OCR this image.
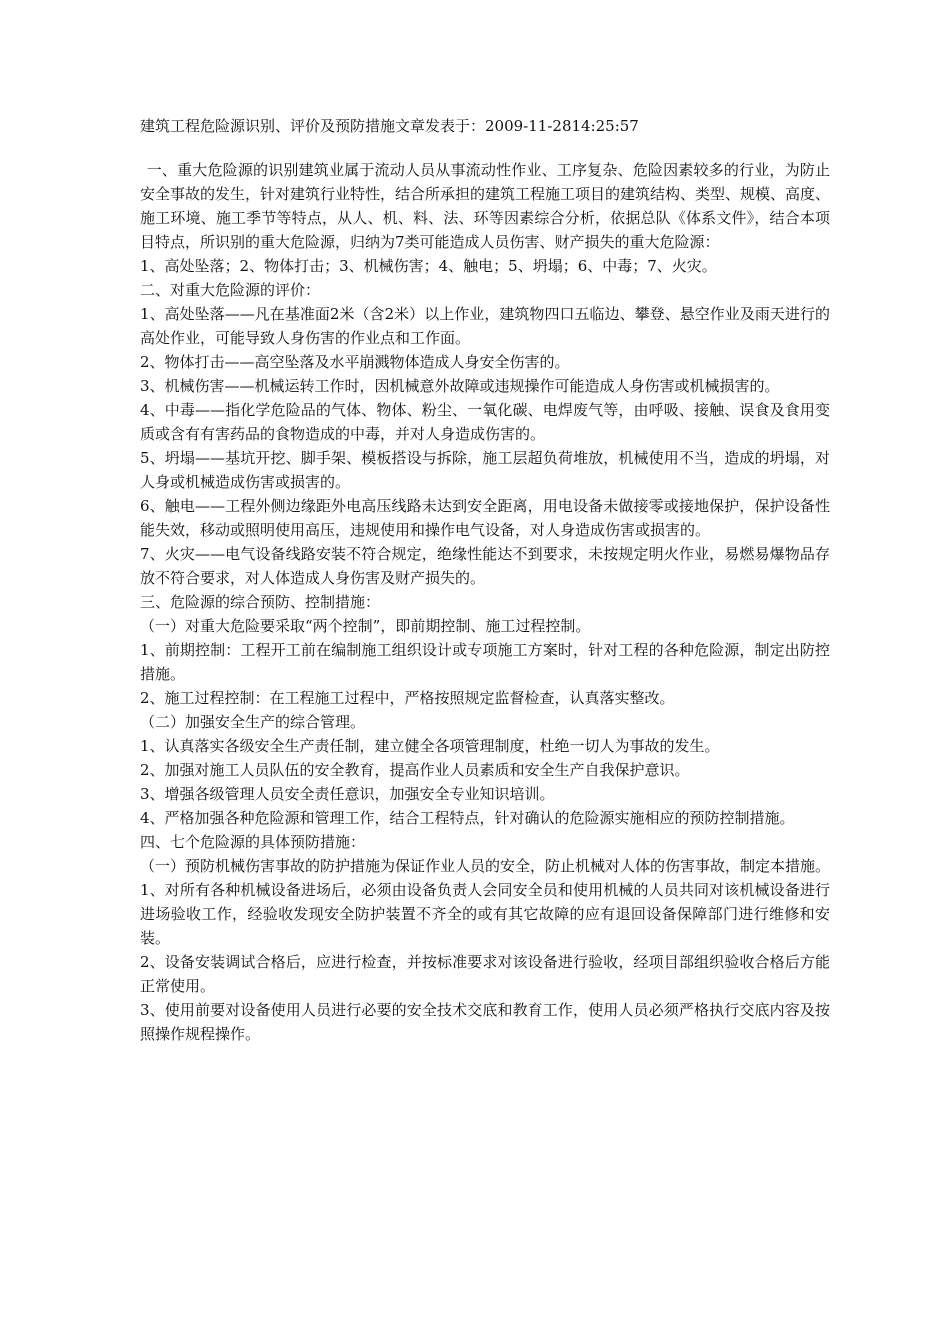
建筑工程危险源识别、评价及预防措施文章发表于：2009-11-2814:25:57

一、重大危险源的识别建筑业属于流动人员从事流动性作业、工序复杂、危险因素较多的行业，为防止安全事故的发生，针对建筑行业特性，结合所承担的建筑工程施工项目的建筑结构、类型、规模、高度、施工环境、施工季节等特点，从人、机、料、法、环等因素综合分析，依据总队《体系文件》，结合本项目特点，所识别的重大危险源，归纳为7类可能造成人员伤害、财产损失的重大危险源：

1、高处坠落；2、物体打击；3、机械伤害；4、触电；5、坍塌；6、中毒；7、火灾。

二、对重大危险源的评价：

1、高处坠落——凡在基准面2米（含2米）以上作业，建筑物四口五临边、攀登、悬空作业及雨天进行的高处作业，可能导致人身伤害的作业点和工作面。

2、物体打击——高空坠落及水平崩溅物体造成人身安全伤害的。

3、机械伤害——机械运转工作时，因机械意外故障或违规操作可能造成人身伤害或机械损害的。

4、中毒——指化学危险品的气体、物体、粉尘、一氧化碳、电焊废气等，由呼吸、接触、误食及食用变质或含有有害药品的食物造成的中毒，并对人身造成伤害的。

5、坍塌——基坑开挖、脚手架、模板搭设与拆除，施工层超负荷堆放，机械使用不当，造成的坍塌，对人身或机械造成伤害或损害的。

6、触电——工程外侧边缘距外电高压线路未达到安全距离，用电设备未做接零或接地保护，保护设备性能失效，移动或照明使用高压，违规使用和操作电气设备，对人身造成伤害或损害的。

7、火灾——电气设备线路安装不符合规定，绝缘性能达不到要求，未按规定明火作业，易燃易爆物品存放不符合要求，对人体造成人身伤害及财产损失的。

三、危险源的综合预防、控制措施：

（一）对重大危险要采取“两个控制”，即前期控制、施工过程控制。

1、前期控制：工程开工前在编制施工组织设计或专项施工方案时，针对工程的各种危险源，制定出防控措施。

2、施工过程控制：在工程施工过程中，严格按照规定监督检查，认真落实整改。

（二）加强安全生产的综合管理。

1、认真落实各级安全生产责任制，建立健全各项管理制度，杜绝一切人为事故的发生。

2、加强对施工人员队伍的安全教育，提高作业人员素质和安全生产自我保护意识。

3、增强各级管理人员安全责任意识，加强安全专业知识培训。

4、严格加强各种危险源和管理工作，结合工程特点，针对确认的危险源实施相应的预防控制措施。

四、七个危险源的具体预防措施：

（一）预防机械伤害事故的防护措施为保证作业人员的安全，防止机械对人体的伤害事故，制定本措施。

1、对所有各种机械设备进场后，必须由设备负责人会同安全员和使用机械的人员共同对该机械设备进行进场验收工作，经验收发现安全防护装置不齐全的或有其它故障的应有退回设备保障部门进行维修和安装。

2、设备安装调试合格后，应进行检查，并按标准要求对该设备进行验收，经项目部组织验收合格后方能正常使用。

3、使用前要对设备使用人员进行必要的安全技术交底和教育工作，使用人员必须严格执行交底内容及按照操作规程操作。
